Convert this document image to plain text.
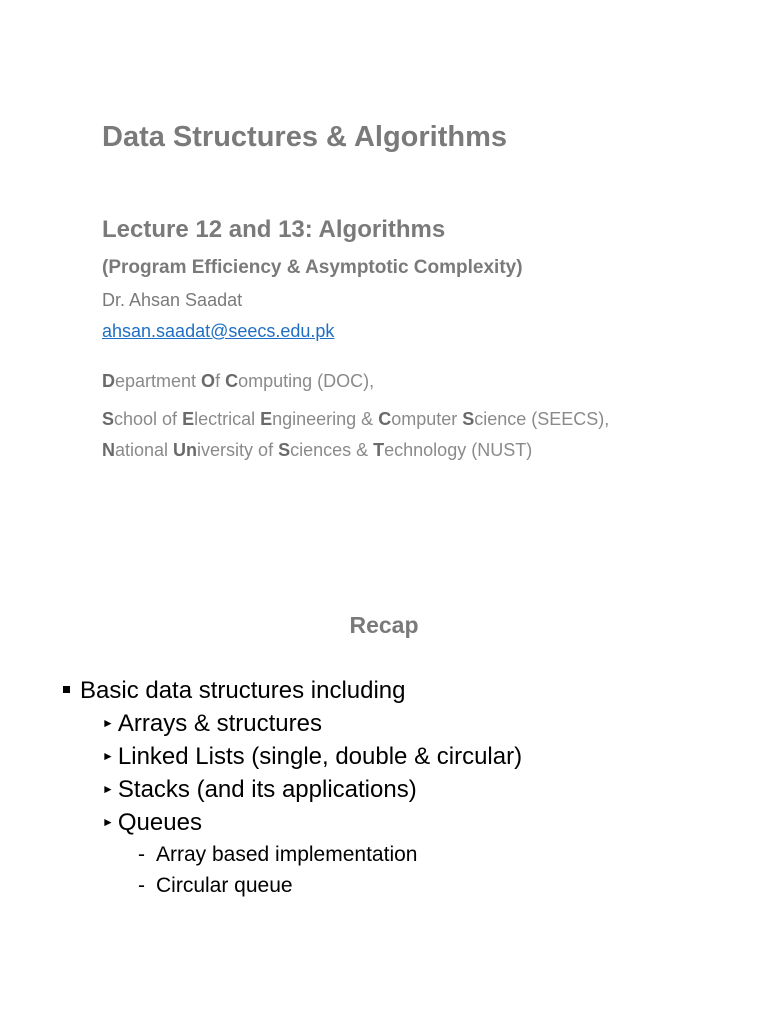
Data Structures & Algorithms
Lecture 12 and 13: Algorithms
(Program Efficiency & Asymptotic Complexity)
Dr. Ahsan Saadat
ahsan.saadat@seecs.edu.pk
Department Of Computing (DOC),
School of Electrical Engineering & Computer Science (SEECS),
National University of Sciences & Technology (NUST)
Recap
Basic data structures including
► Arrays & structures
► Linked Lists (single, double & circular)
► Stacks (and its applications)
► Queues
- Array based implementation
- Circular queue
